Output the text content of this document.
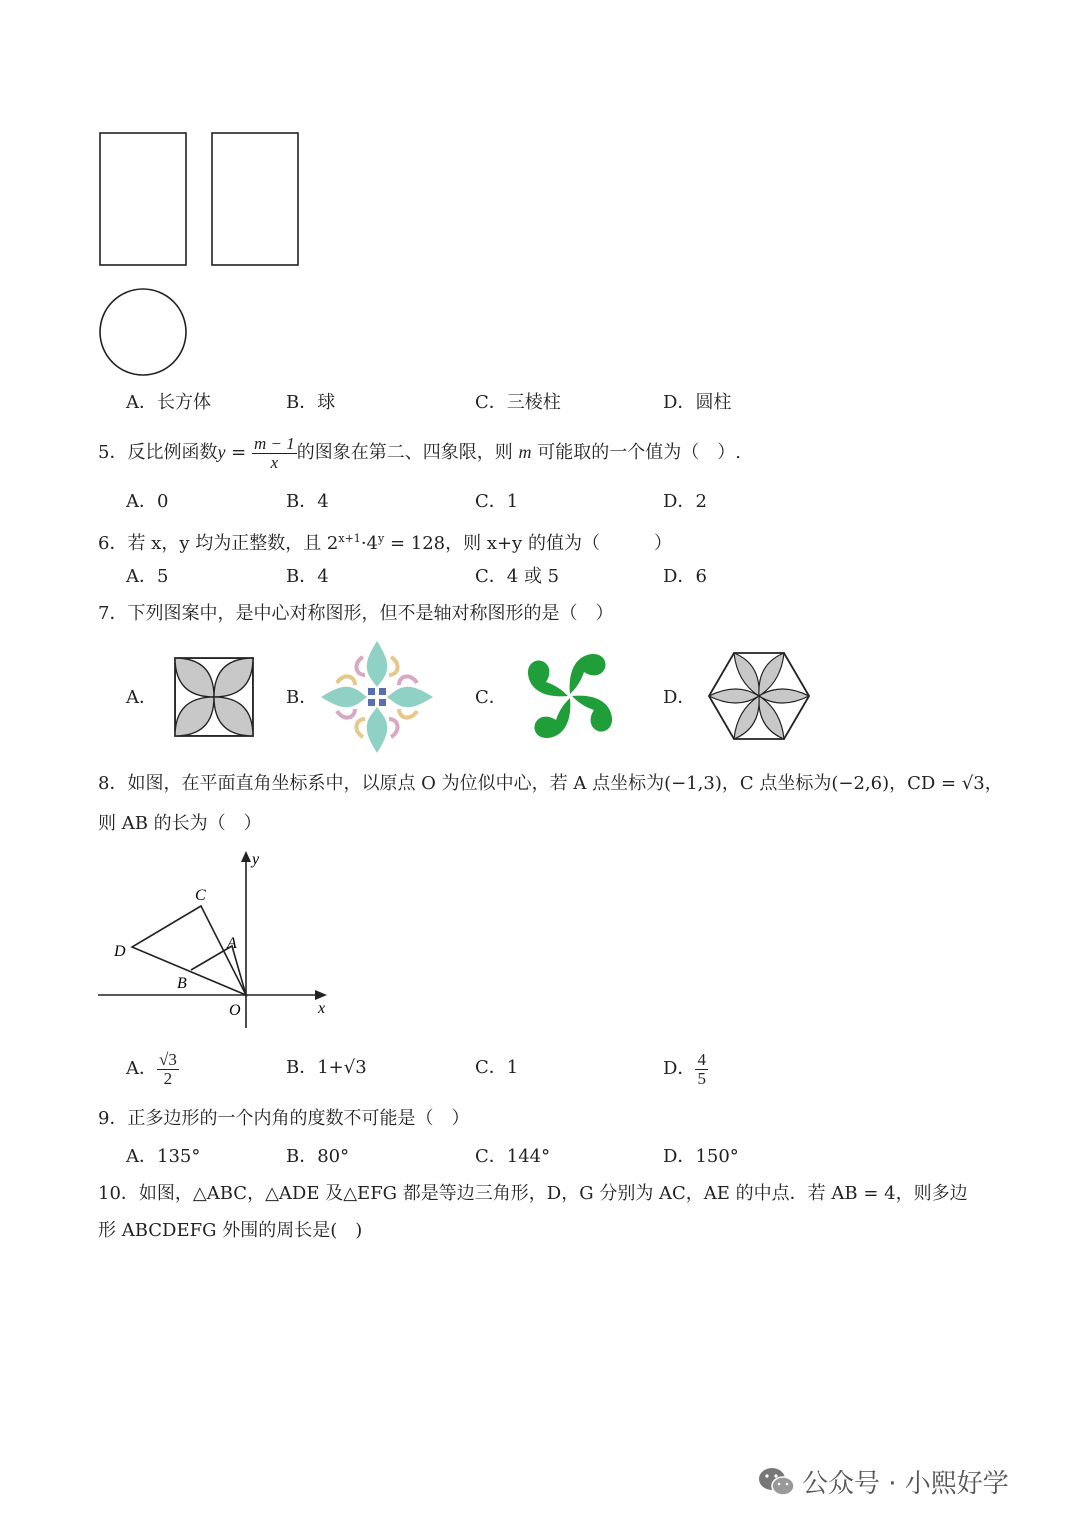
A．长方体	B．球	C．三棱柱	D．圆柱
5．反比例函数$y = \frac{m - 1}{x}$ 的图象在第二、四象限，则 m 可能取的一个值为（　）.
A．0	B．4	C．1	D．2
6．若 x，y 均为正整数，且 $2^{x+1}\cdot 4^y = 128$，则 x+y 的值为（　　　）
A．5	B．4	C．4 或 5	D．6
7．下列图案中，是中心对称图形，但不是轴对称图形的是（　）
A．	B．	C．	D．
8．如图，在平面直角坐标系中，以原点 O 为位似中心，若 A 点坐标为(−1,3)，C 点坐标为(−2,6)，CD = √3，
则 AB 的长为（　）
y
x
C
A
D
B
O
A． $\frac{√3}{2}$	B．1+√3	C．1	D． $\frac{4}{5}$
9．正多边形的一个内角的度数不可能是（　）
A．135°	B．80°	C．144°	D．150°
10．如图，△ABC，△ADE 及△EFG 都是等边三角形，D，G 分别为 AC，AE 的中点．若 AB = 4，则多边
形 ABCDEFG 外围的周长是(　)
公众号 · 小熙好学
